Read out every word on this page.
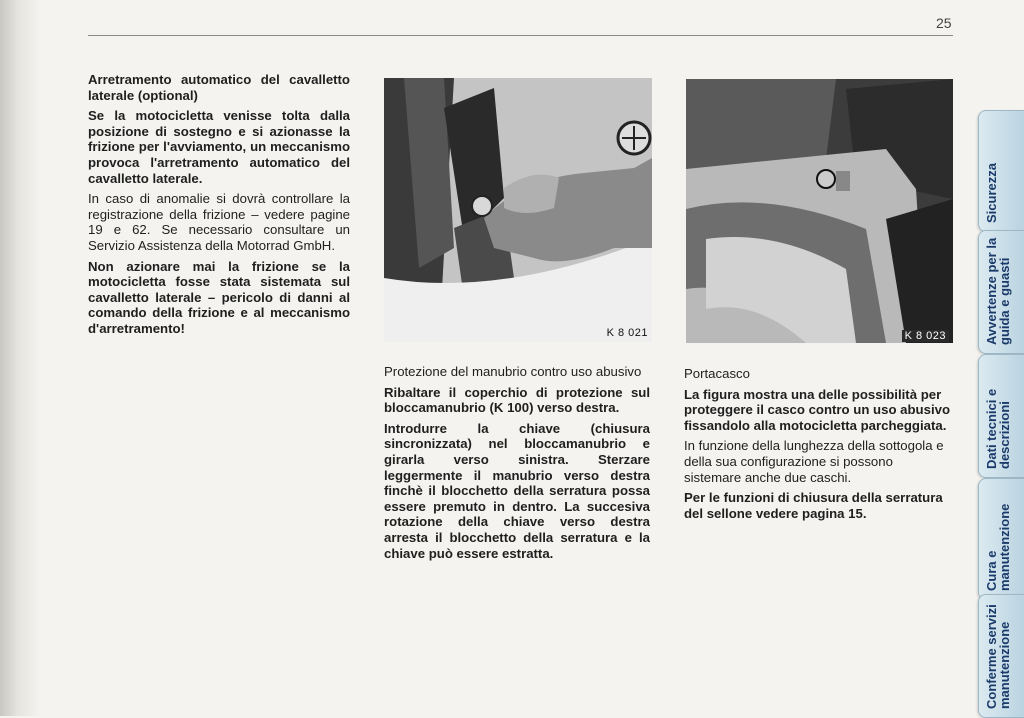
25

Arretramento automatico del cavalletto laterale (optional)

Se la motocicletta venisse tolta dalla posizione di sostegno e si azionasse la frizione per l'avviamento, un meccanismo provoca l'arretramento automatico del cavalletto laterale.

In caso di anomalie si dovrà controllare la registrazione della frizione – vedere pagine 19 e 62. Se necessario consultare un Servizio Assistenza della Motorrad GmbH.

Non azionare mai la frizione se la motocicletta fosse stata sistemata sul cavalletto laterale – pericolo di danni al comando della frizione e al meccanismo d'arretramento!	K 8 021	K 8 023

Protezione del manubrio contro uso abusivo

Ribaltare il coperchio di protezione sul bloccamanubrio (K 100) verso destra.

Introdurre la chiave (chiusura sincronizzata) nel bloccamanubrio e girarla verso sinistra. Sterzare leggermente il manubrio verso destra finchè il blocchetto della serratura possa essere premuto in dentro. La succesiva rotazione della chiave verso destra arresta il blocchetto della serratura e la chiave può essere estratta.

Portacasco

La figura mostra una delle possibilità per proteggere il casco contro un uso abusivo fissandolo alla motocicletta parcheggiata.

In funzione della lunghezza della sottogola e della sua configurazione si possono sistemare anche due caschi.

Per le funzioni di chiusura della serratura del sellone vedere pagina 15.

Sicurezza
Avvertenze per la guida e guasti
Dati tecnici e descrizioni
Cura e manutenzione
Conferme servizi manutenzione
